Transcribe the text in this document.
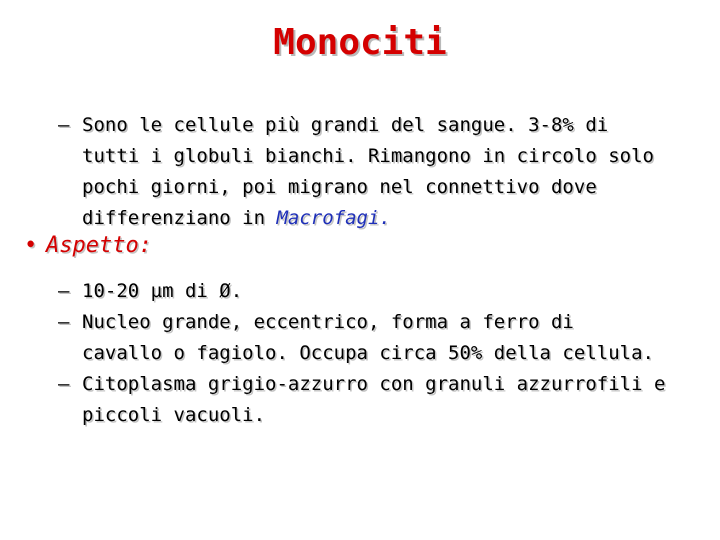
Monociti
– Sono le cellule più grandi del sangue. 3-8% di
tutti i globuli bianchi. Rimangono in circolo solo
pochi giorni, poi migrano nel connettivo dove
differenziano in Macrofagi.
• Aspetto:
– 10-20 µm di Ø.
– Nucleo grande, eccentrico, forma a ferro di
cavallo o fagiolo. Occupa circa 50% della cellula.
– Citoplasma grigio-azzurro con granuli azzurrofili e
piccoli vacuoli.
